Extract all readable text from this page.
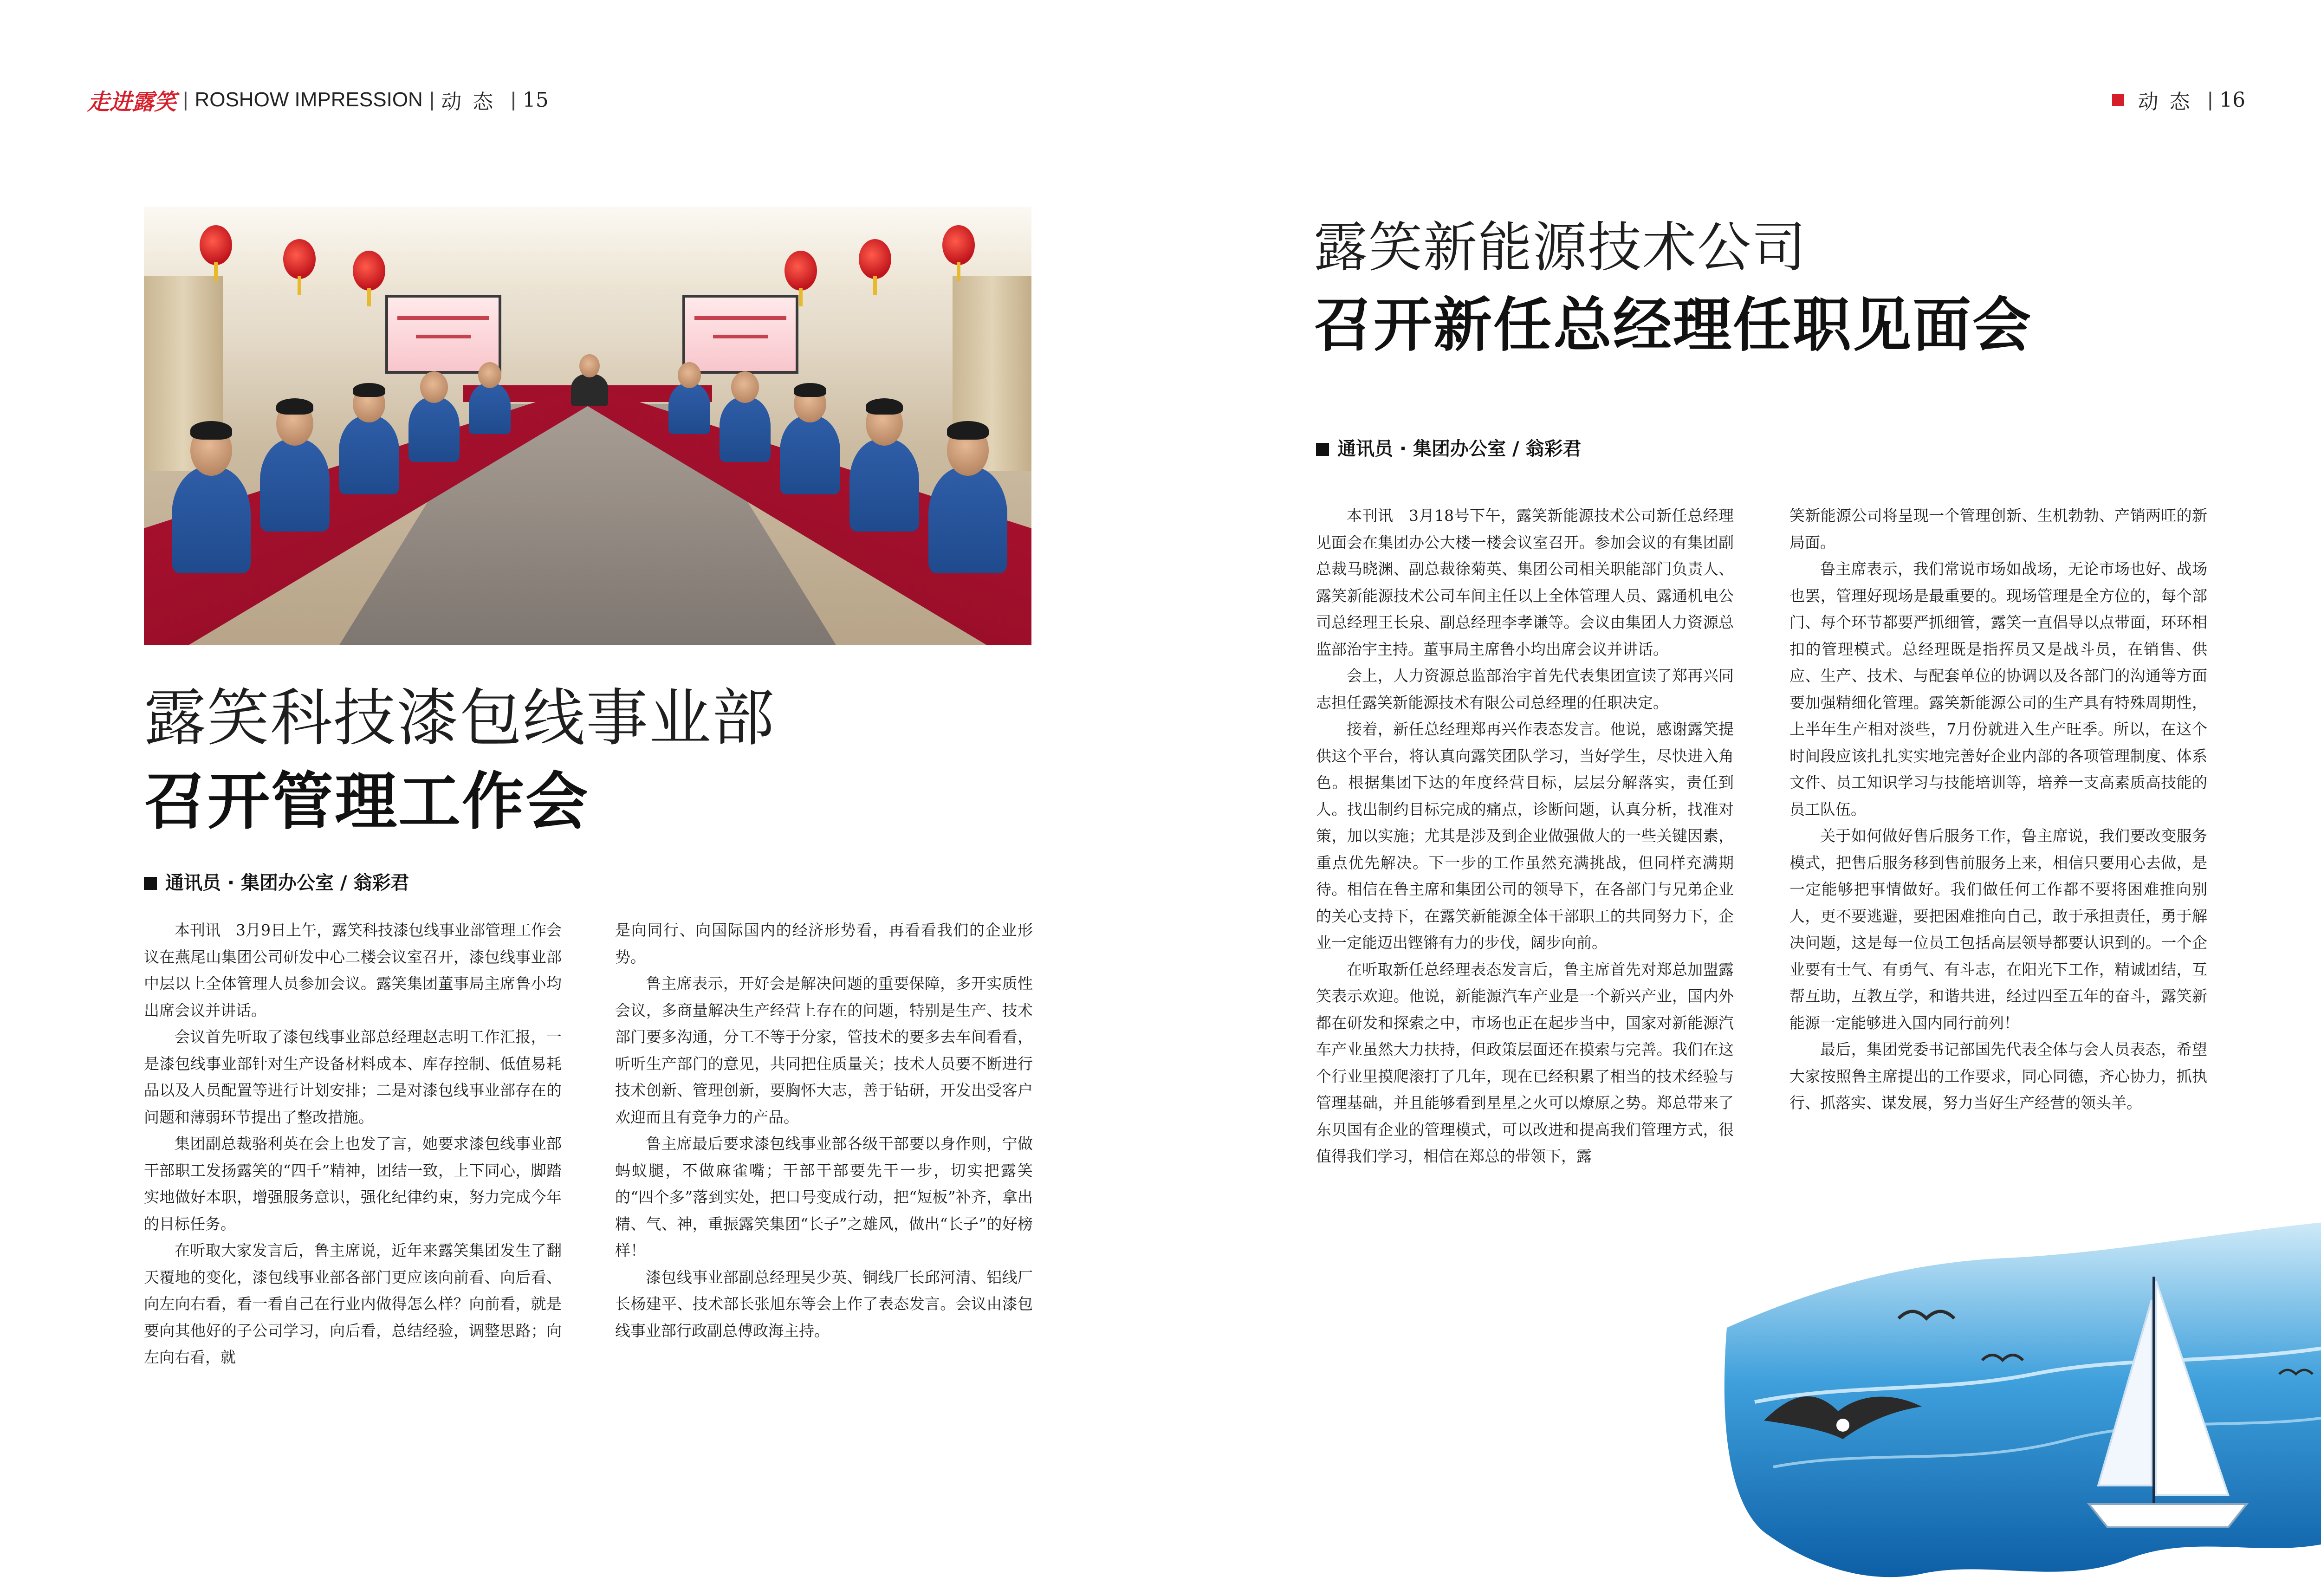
走进露笑 | ROSHOW IMPRESSION | 动态 | 15	动态 | 16
露笑科技漆包线事业部
召开管理工作会
通讯员 · 集团办公室 / 翁彩君

本刊讯　3月9日上午，露笑科技漆包线事业部管理工作会议在燕尾山集团公司研发中心二楼会议室召开，漆包线事业部中层以上全体管理人员参加会议。露笑集团董事局主席鲁小均出席会议并讲话。

会议首先听取了漆包线事业部总经理赵志明工作汇报，一是漆包线事业部针对生产设备材料成本、库存控制、低值易耗品以及人员配置等进行计划安排；二是对漆包线事业部存在的问题和薄弱环节提出了整改措施。

集团副总裁骆利英在会上也发了言，她要求漆包线事业部干部职工发扬露笑的“四千”精神，团结一致，上下同心，脚踏实地做好本职，增强服务意识，强化纪律约束，努力完成今年的目标任务。

在听取大家发言后，鲁主席说，近年来露笑集团发生了翻天覆地的变化，漆包线事业部各部门更应该向前看、向后看、向左向右看，看一看自己在行业内做得怎么样？向前看，就是要向其他好的子公司学习，向后看，总结经验，调整思路；向左向右看，就

是向同行、向国际国内的经济形势看，再看看我们的企业形势。

鲁主席表示，开好会是解决问题的重要保障，多开实质性会议，多商量解决生产经营上存在的问题，特别是生产、技术部门要多沟通，分工不等于分家，管技术的要多去车间看看，听听生产部门的意见，共同把住质量关；技术人员要不断进行技术创新、管理创新，要胸怀大志，善于钻研，开发出受客户欢迎而且有竞争力的产品。

鲁主席最后要求漆包线事业部各级干部要以身作则，宁做蚂蚁腿，不做麻雀嘴；干部干部要先干一步，切实把露笑的“四个多”落到实处，把口号变成行动，把“短板”补齐，拿出精、气、神，重振露笑集团“长子”之雄风，做出“长子”的好榜样！

漆包线事业部副总经理吴少英、铜线厂长邱河清、铝线厂长杨建平、技术部长张旭东等会上作了表态发言。会议由漆包线事业部行政副总傅政海主持。

露笑新能源技术公司
召开新任总经理任职见面会
通讯员 · 集团办公室 / 翁彩君

本刊讯　3月18号下午，露笑新能源技术公司新任总经理见面会在集团办公大楼一楼会议室召开。参加会议的有集团副总裁马晓渊、副总裁徐菊英、集团公司相关职能部门负责人、露笑新能源技术公司车间主任以上全体管理人员、露通机电公司总经理王长泉、副总经理李孝谦等。会议由集团人力资源总监部治宇主持。董事局主席鲁小均出席会议并讲话。

会上，人力资源总监部治宇首先代表集团宣读了郑再兴同志担任露笑新能源技术有限公司总经理的任职决定。

接着，新任总经理郑再兴作表态发言。他说，感谢露笑提供这个平台，将认真向露笑团队学习，当好学生，尽快进入角色。根据集团下达的年度经营目标，层层分解落实，责任到人。找出制约目标完成的痛点，诊断问题，认真分析，找准对策，加以实施；尤其是涉及到企业做强做大的一些关键因素，重点优先解决。下一步的工作虽然充满挑战，但同样充满期待。相信在鲁主席和集团公司的领导下，在各部门与兄弟企业的关心支持下，在露笑新能源全体干部职工的共同努力下，企业一定能迈出铿锵有力的步伐，阔步向前。

在听取新任总经理表态发言后，鲁主席首先对郑总加盟露笑表示欢迎。他说，新能源汽车产业是一个新兴产业，国内外都在研发和探索之中，市场也正在起步当中，国家对新能源汽车产业虽然大力扶持，但政策层面还在摸索与完善。我们在这个行业里摸爬滚打了几年，现在已经积累了相当的技术经验与管理基础，并且能够看到星星之火可以燎原之势。郑总带来了东贝国有企业的管理模式，可以改进和提高我们管理方式，很值得我们学习，相信在郑总的带领下，露

笑新能源公司将呈现一个管理创新、生机勃勃、产销两旺的新局面。

鲁主席表示，我们常说市场如战场，无论市场也好、战场也罢，管理好现场是最重要的。现场管理是全方位的，每个部门、每个环节都要严抓细管，露笑一直倡导以点带面，环环相扣的管理模式。总经理既是指挥员又是战斗员，在销售、供应、生产、技术、与配套单位的协调以及各部门的沟通等方面要加强精细化管理。露笑新能源公司的生产具有特殊周期性，上半年生产相对淡些，7月份就进入生产旺季。所以，在这个时间段应该扎扎实实地完善好企业内部的各项管理制度、体系文件、员工知识学习与技能培训等，培养一支高素质高技能的员工队伍。

关于如何做好售后服务工作，鲁主席说，我们要改变服务模式，把售后服务移到售前服务上来，相信只要用心去做，是一定能够把事情做好。我们做任何工作都不要将困难推向别人，更不要逃避，要把困难推向自己，敢于承担责任，勇于解决问题，这是每一位员工包括高层领导都要认识到的。一个企业要有士气、有勇气、有斗志，在阳光下工作，精诚团结，互帮互助，互教互学，和谐共进，经过四至五年的奋斗，露笑新能源一定能够进入国内同行前列！

最后，集团党委书记部国先代表全体与会人员表态，希望大家按照鲁主席提出的工作要求，同心同德，齐心协力，抓执行、抓落实、谋发展，努力当好生产经营的领头羊。
